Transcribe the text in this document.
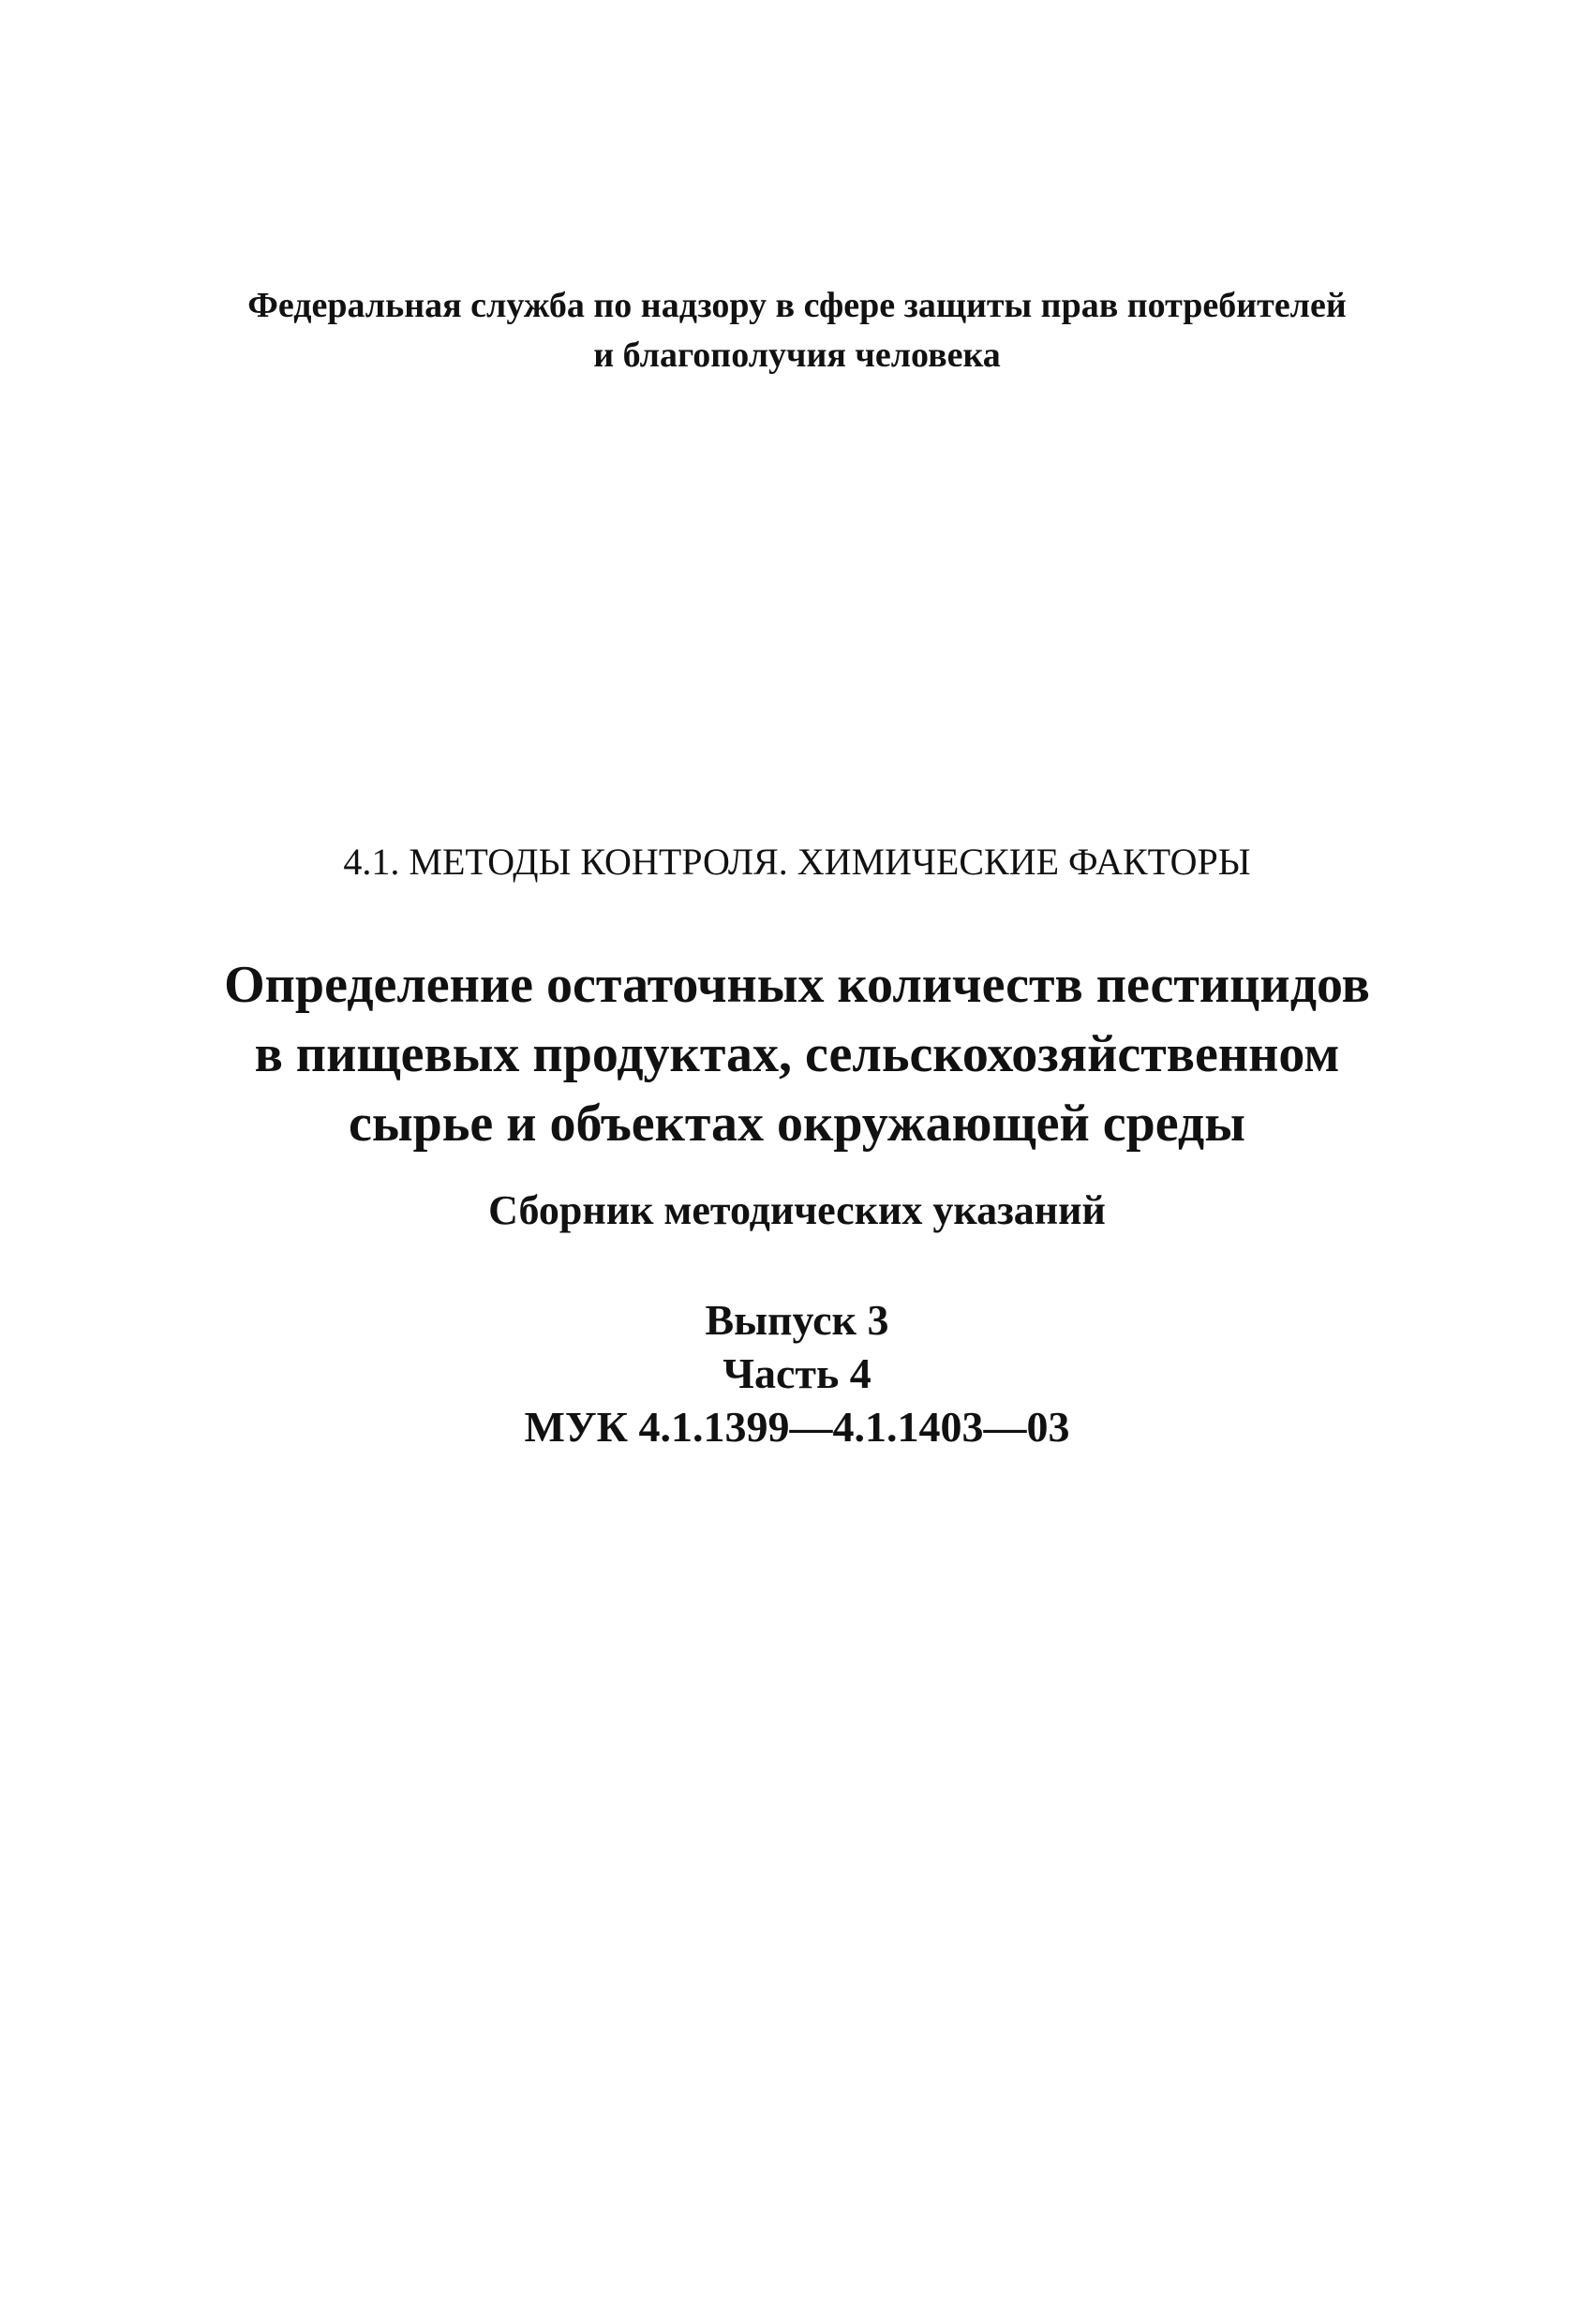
Федеральная служба по надзору в сфере защиты прав потребителей
и благополучия человека
4.1. МЕТОДЫ КОНТРОЛЯ. ХИМИЧЕСКИЕ ФАКТОРЫ
Определение остаточных количеств пестицидов
в пищевых продуктах, сельскохозяйственном
сырье и объектах окружающей среды
Сборник методических указаний
Выпуск 3
Часть 4
МУК 4.1.1399—4.1.1403—03
